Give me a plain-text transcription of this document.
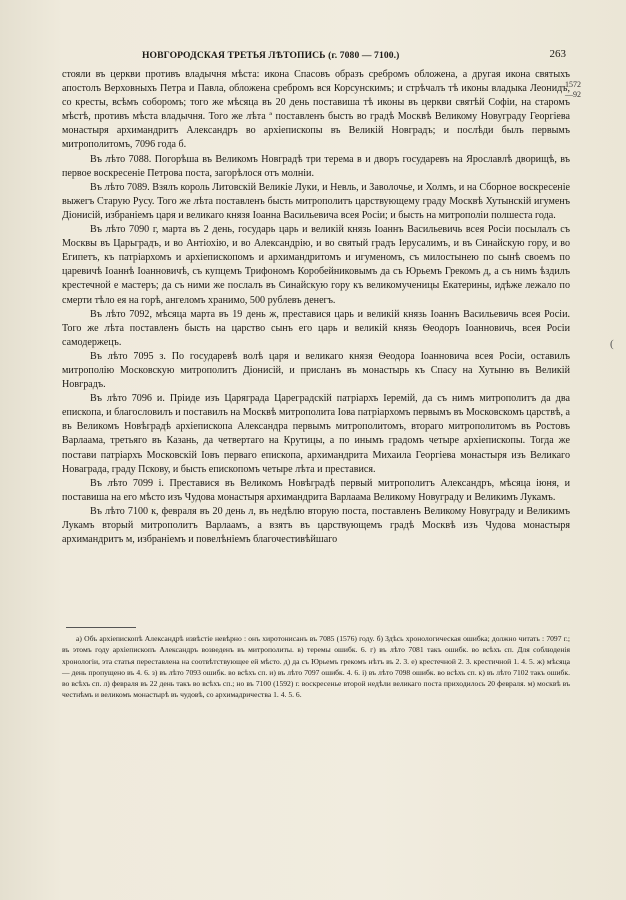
НОВГОРОДСКАЯ ТРЕТЬЯ ЛѢТОПИСЬ (г. 7080 — 7100.)	263
1572
—92

стояли въ церкви противъ владычня мѣста: икона Спасовъ образъ сребромъ обложена, а другая икона святыхъ апостолъ Верховныхъ Петра и Павла, обложена сребромъ вся Корсунскимъ; и стрѣчалъ тѣ иконы владыка Леонидъ, со кресты, всѣмъ соборомъ; того же мѣсяца въ 20 день поставиша тѣ иконы въ церкви святѣй Софіи, на старомъ мѣстѣ, противъ мѣста владычня. Того же лѣта ª поставленъ бысть во градѣ Москвѣ Великому Новуграду Георгіева монастыря архимандритъ Александръ во архіепископы въ Великій Новградъ; и послѣди былъ первымъ митрополитомъ, 7096 года б.

Въ лѣто 7088. Погорѣша въ Великомъ Новградѣ три терема в и дворъ государевъ на Ярославлѣ дворищѣ, въ первое воскресеніе Петрова поста, загорѣлося отъ молніи.

Въ лѣто 7089. Взялъ король Литовскій Великіе Луки, и Невль, и Заволочье, и Холмъ, и на Сборное воскресеніе выжегъ Старую Русу. Того же лѣта поставленъ бысть митрополитъ царствующему граду Москвѣ Хутынскій игуменъ Діонисій, избраніемъ царя и великаго князя Іоанна Васильевича всея Росіи; и бысть на митрополіи полшеста года.

Въ лѣто 7090 г, марта въ 2 день, государь царь и великій князь Іоаннъ Васильевичь всея Росіи посылалъ съ Москвы въ Царьградъ, и во Антіохію, и во Александрію, и во святый градъ Іерусалимъ, и въ Синайскую гору, и во Египетъ, къ патріархомъ и архіепископомъ и архимандритомъ и игуменомъ, съ милостынею по сынѣ своемъ по царевичѣ Іоаннѣ Іоанновичѣ, съ купцемъ Трифономъ Коробейниковымъ да съ Юрьемъ Грекомъ д, а съ нимъ ѣздилъ крестечной е мастеръ; да съ ними же послалъ въ Синайскую гору къ великомученицы Екатерины, идѣже лежало по смерти тѣло ея на горѣ, ангеломъ хранимо, 500 рублевъ денегъ.

Въ лѣто 7092, мѣсяца марта въ 19 день ж, преставися царь и великій князь Іоаннъ Васильевичь всея Росіи. Того же лѣта поставленъ бысть на царство сынъ его царь и великій князь Ѳеодоръ Іоанновичь, всея Росіи самодержецъ.

Въ лѣто 7095 з. По государевѣ волѣ царя и великаго князя Ѳеодора Іоанновича всея Росіи, оставилъ митрополію Московскую митрополитъ Діонисій, и присланъ въ монастырь къ Спасу на Хутыню въ Великій Новградъ.

Въ лѣто 7096 и. Пріиде изъ Царяграда Цареградскій патріархъ Іеремій, да съ нимъ митрополитъ да два епископа, и благословилъ и поставилъ на Москвѣ митрополита Іова патріархомъ первымъ въ Московскомъ царствѣ, а въ Великомъ Новѣградѣ архіепископа Александра первымъ митрополитомъ, втораго митрополитомъ въ Ростовъ Варлаама, третьяго въ Казань, да четвертаго на Крутицы, а по инымъ градомъ четыре архіепископы. Тогда же постави патріархъ Московскій Іовъ перваго епископа, архимандрита Михаила Георгіева монастыря изъ Великаго Новаграда, граду Пскову, и бысть епископомъ четыре лѣта и преставися.

Въ лѣто 7099 і. Преставися въ Великомъ Новѣградѣ первый митрополитъ Александръ, мѣсяца іюня, и поставиша на его мѣсто изъ Чудова монастыря архимандрита Варлаама Великому Новуграду и Великимъ Лукамъ.

Въ лѣто 7100 к, февраля въ 20 день л, въ недѣлю вторую поста, поставленъ Великому Новуграду и Великимъ Лукамъ вторый митрополитъ Варлаамъ, а взятъ въ царствующемъ градѣ Москвѣ изъ Чудова монастыря архимандритъ м, избраніемъ и повелѣніемъ благочестивѣйшаго

а) Объ архіепископѣ Александрѣ извѣстіе невѣрно : онъ хиротонисанъ въ 7085 (1576) году. б) Здѣсь хронологическая ошибка; должно читать : 7097 г.; въ этомъ году архіепископъ Александръ возведенъ въ митрополиты. в) теремы ошибк. 6. г) въ лѣто 7081 такъ ошибк. во всѣхъ сп. Для соблюденія хронологіи, эта статья переставлена на соотвѣтствующее ей мѣсто. д) да съ Юрьемъ грекомъ нѣтъ въ 2. 3. е) крестечной 2. 3. крестичной 1. 4. 5. ж) мѣсяца — день пропущено въ 4. 6. з) въ лѣто 7093 ошибк. во всѣхъ сп. и) въ лѣто 7097 ошибк. 4. 6. і) въ лѣто 7098 ошибк. во всѣхъ сп. к) въ лѣто 7102 такъ ошибк. во всѣхъ сп. л) февраля въ 22 день такъ во всѣхъ сп.; но въ 7100 (1592) г. воскресенье второй недѣли великаго поста приходилось 20 февраля. м) москвѣ въ честнѣмъ и великомъ монастырѣ въ чудовѣ, со архимадричества 1. 4. 5. 6.

(
